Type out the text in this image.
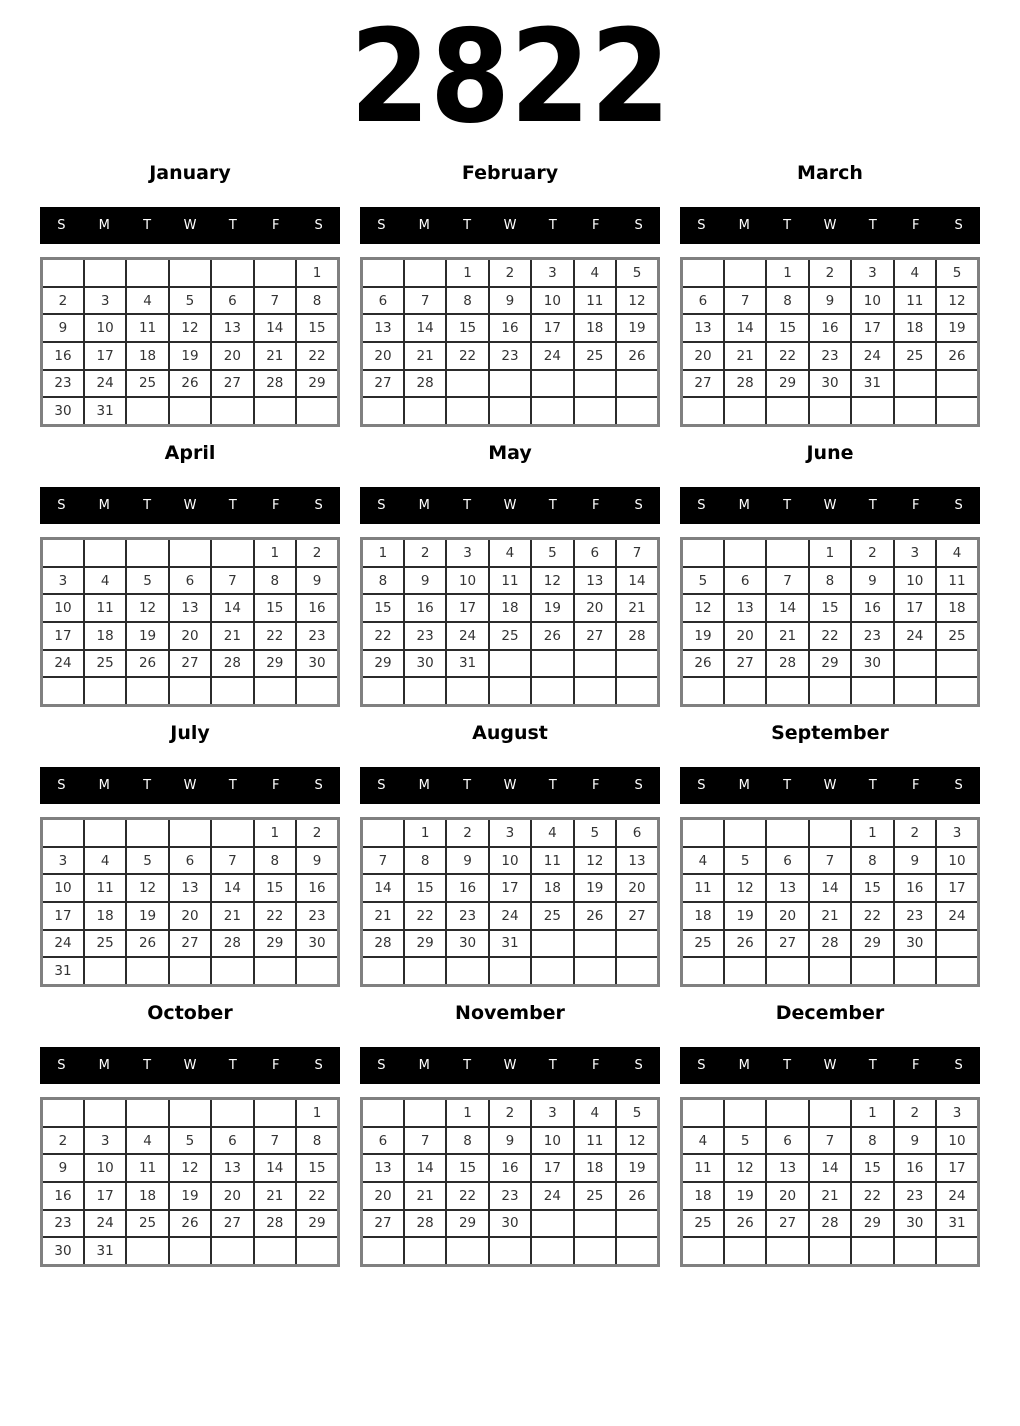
2822
January
S	M	T	W	T	F	S
						1
2	3	4	5	6	7	8
9	10	11	12	13	14	15
16	17	18	19	20	21	22
23	24	25	26	27	28	29
30	31					
February
S	M	T	W	T	F	S
		1	2	3	4	5
6	7	8	9	10	11	12
13	14	15	16	17	18	19
20	21	22	23	24	25	26
27	28					

March
S	M	T	W	T	F	S
		1	2	3	4	5
6	7	8	9	10	11	12
13	14	15	16	17	18	19
20	21	22	23	24	25	26
27	28	29	30	31		

April
S	M	T	W	T	F	S
					1	2
3	4	5	6	7	8	9
10	11	12	13	14	15	16
17	18	19	20	21	22	23
24	25	26	27	28	29	30

May
S	M	T	W	T	F	S
1	2	3	4	5	6	7
8	9	10	11	12	13	14
15	16	17	18	19	20	21
22	23	24	25	26	27	28
29	30	31				

June
S	M	T	W	T	F	S
			1	2	3	4
5	6	7	8	9	10	11
12	13	14	15	16	17	18
19	20	21	22	23	24	25
26	27	28	29	30		

July
S	M	T	W	T	F	S
					1	2
3	4	5	6	7	8	9
10	11	12	13	14	15	16
17	18	19	20	21	22	23
24	25	26	27	28	29	30
31						
August
S	M	T	W	T	F	S
	1	2	3	4	5	6
7	8	9	10	11	12	13
14	15	16	17	18	19	20
21	22	23	24	25	26	27
28	29	30	31			

September
S	M	T	W	T	F	S
				1	2	3
4	5	6	7	8	9	10
11	12	13	14	15	16	17
18	19	20	21	22	23	24
25	26	27	28	29	30	

October
S	M	T	W	T	F	S
						1
2	3	4	5	6	7	8
9	10	11	12	13	14	15
16	17	18	19	20	21	22
23	24	25	26	27	28	29
30	31					
November
S	M	T	W	T	F	S
		1	2	3	4	5
6	7	8	9	10	11	12
13	14	15	16	17	18	19
20	21	22	23	24	25	26
27	28	29	30			

December
S	M	T	W	T	F	S
				1	2	3
4	5	6	7	8	9	10
11	12	13	14	15	16	17
18	19	20	21	22	23	24
25	26	27	28	29	30	31
